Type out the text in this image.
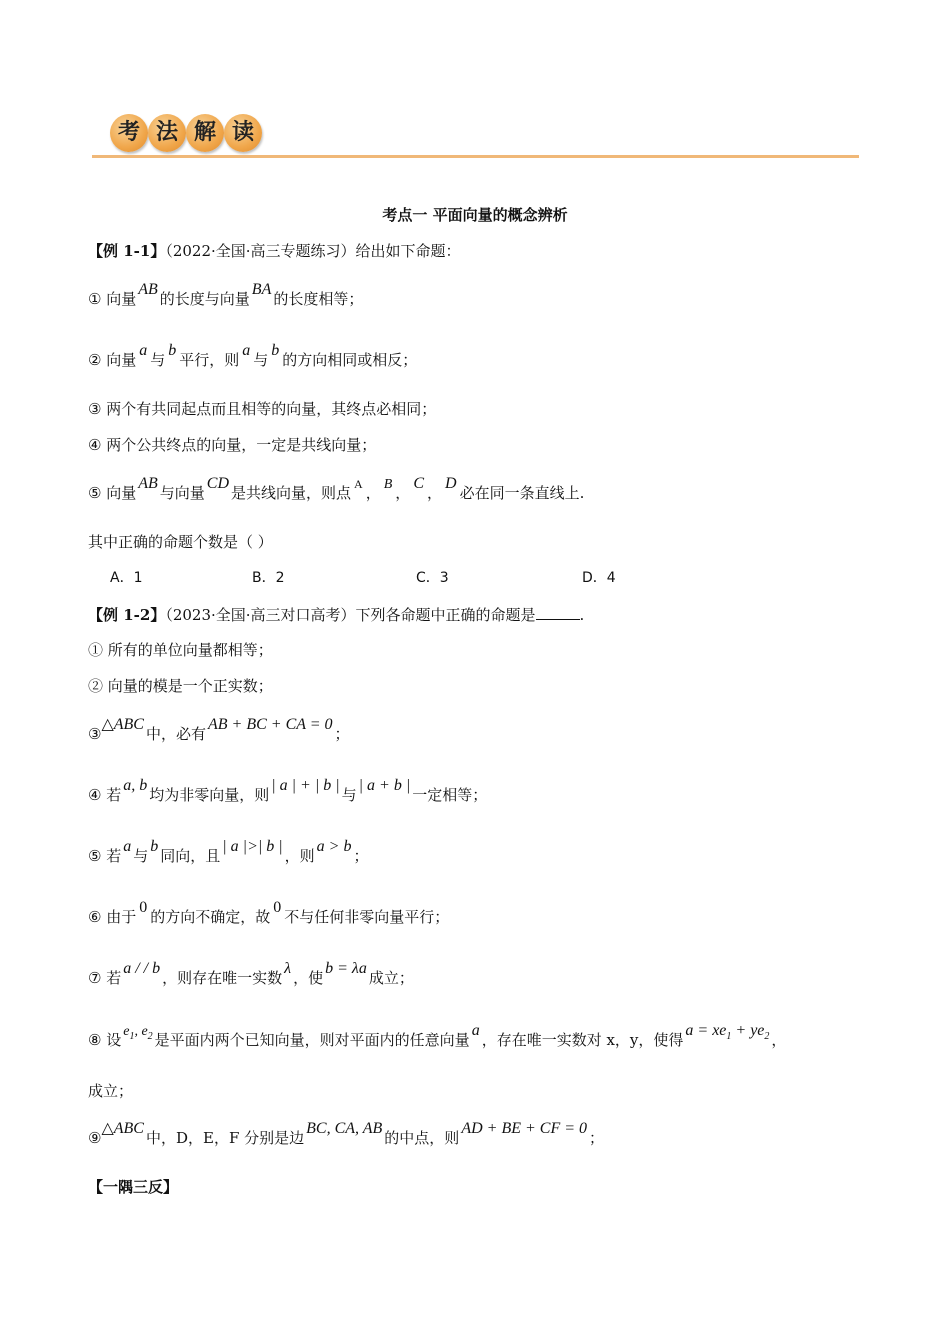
考 法 解 读
考点一 平面向量的概念辨析
【例 1-1】（2022·全国·高三专题练习）给出如下命题：
① 向量AB的长度与向量BA的长度相等；
② 向量a与b平行，则a与b的方向相同或相反；
③ 两个有共同起点而且相等的向量，其终点必相同；
④ 两个公共终点的向量，一定是共线向量；
⑤ 向量AB与向量CD是共线向量，则点 $^A$ ， B ，C，D必在同一条直线上.
其中正确的命题个数是（ ）
A．1	B．2	C．3	D．4
【例 1-2】（2023·全国·高三对口高考）下列各命题中正确的命题是	.
① 所有的单位向量都相等；
② 向量的模是一个正实数；
③△ABC中，必有AB + BC + CA = 0；
④ 若a, b均为非零向量，则| a | + | b |与| a + b |一定相等；
⑤ 若a与b同向，且| a |>| b |，则a > b；
⑥ 由于0的方向不确定，故0不与任何非零向量平行；
⑦ 若a / / b，则存在唯一实数λ，使b = λa成立；
⑧ 设 $e_1$, $e_2$ 是平面内两个已知向量，则对平面内的任意向量a，存在唯一实数对 x，y，使得$a = xe_1 + ye_2$ ，
成立；
⑨△ABC中，D，E，F 分别是边BC, CA, AB的中点，则AD + BE + CF = 0；
【一隅三反】
